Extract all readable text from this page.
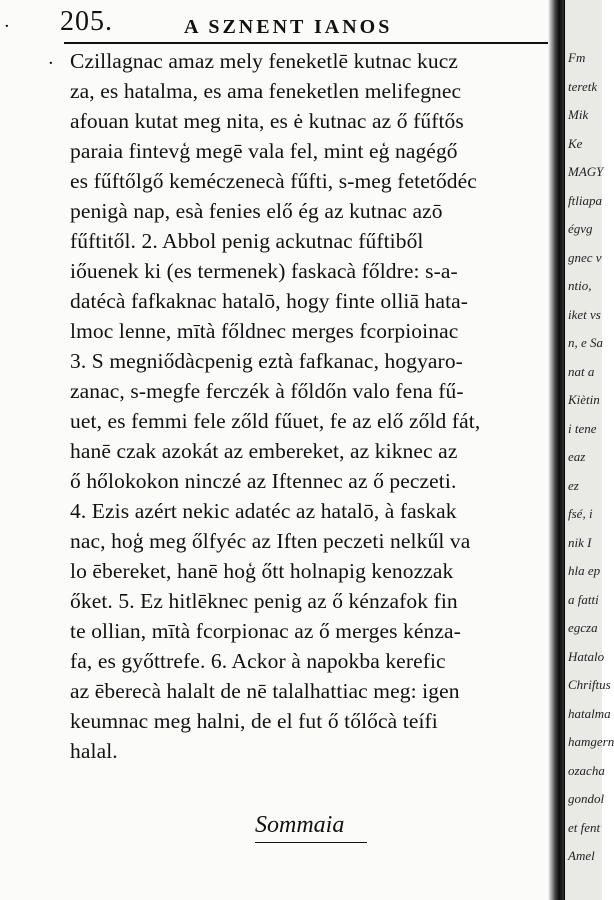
· 205.	A SZNENT IANOS
· Czillagnac amaz mely feneketlē kutnac kucz
za, es hatalma, es ama feneketlen melifegnec
afouan kutat meg nita, es ė kutnac az ő fűftős
paraia fintevģ megē vala fel, mint eģ nagégő
es fűftőlgő keméczenecà fűfti, s-meg fetetődéc
penigà nap, esà fenies elő ég az kutnac azō
fűftitől. 2. Abbol penig ackutnac fűftiből
iőuenek ki (es termenek) faskacà főldre: s-a-
datécà fafkaknac hatalō, hogy finte olliā hata-
lmoc lenne, mītà főldnec merges fcorpioinac
3. S megniődàcpenig eztà fafkanac, hogyaro-
zanac, s-megfe ferczék à főldőn valo fena fű-
uet, es femmi fele zőld fűuet, fe az elő zőld fát,
hanē czak azokát az embereket, az kiknec az
ő hőlokokon ninczé az Iftennec az ő peczeti.
4. Ezis azért nekic adatéc az hatalō, à faskak
nac, hoģ meg őlfyéc az Iften peczeti nelkűl va
lo ēbereket, hanē hoģ őtt holnapig kenozzak
őket. 5. Ez hitlēknec penig az ő kénzafok fin
te ollian, mītà fcorpionac az ő merges kénza-
fa, es győttrefe. 6. Ackor à napokba kerefic
az ēberecà halalt de nē talalhattiac meg: igen
keumnac meg halni, de el fut ő tőlőcà teífi
halal.
Sommaia
Fm
teretk
Mik
Ke
MAGY
ftliapa
égvg
gnec v
ntio,
iket vs
n, e Sa
nat a
Kiètin
i tene
eaz
ez
fsé, i
nik I
hla ep
a fatti
egcza
Hatalo
Chriftus
hatalma
hamgern
ozacha
gondol
et fent
Amel
